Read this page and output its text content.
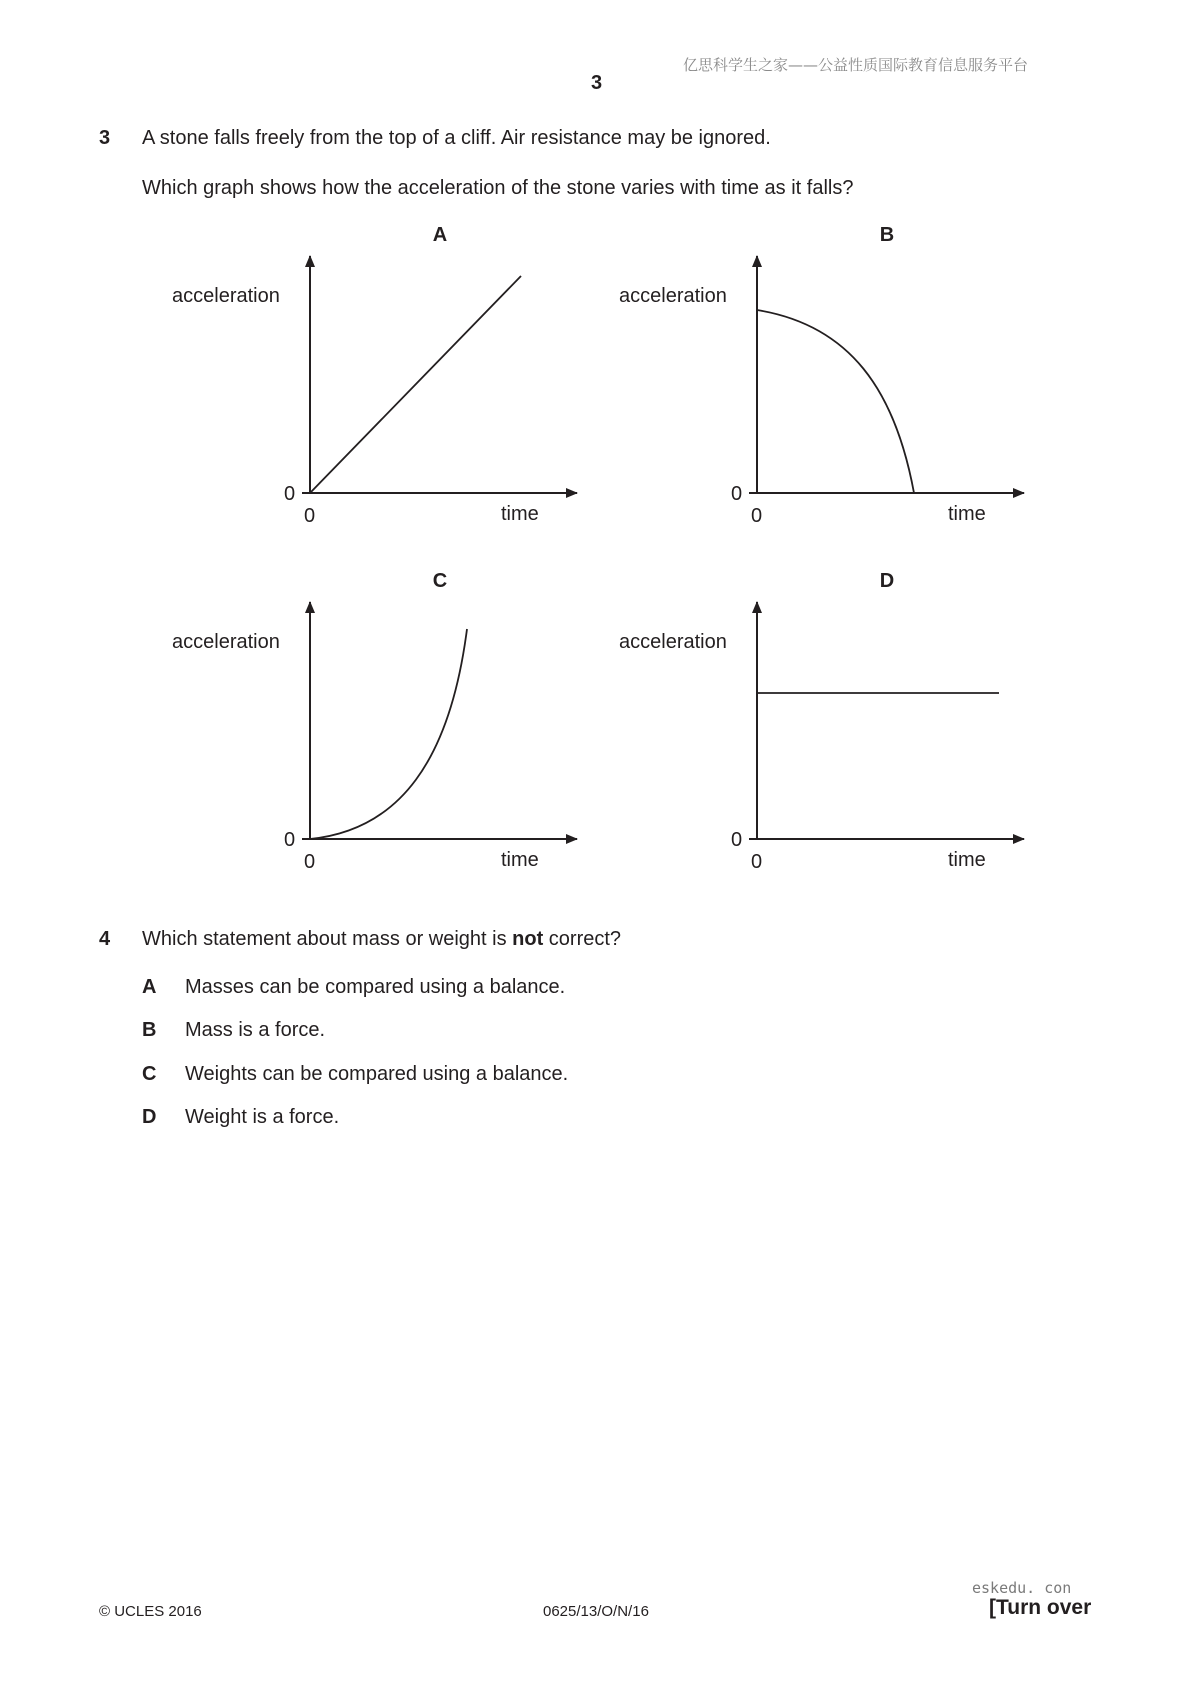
亿思科学生之家——公益性质国际教育信息服务平台
3
3 A stone falls freely from the top of a cliff. Air resistance may be ignored.
Which graph shows how the acceleration of the stone varies with time as it falls?
A	B
C	D
acceleration
0
0	time
acceleration
0
0	time
acceleration
0
0	time
acceleration
0
0	time
4 Which statement about mass or weight is not correct?
A Masses can be compared using a balance.
B Mass is a force.
C Weights can be compared using a balance.
D Weight is a force.
eskedu. con
© UCLES 2016	0625/13/O/N/16	[Turn over
